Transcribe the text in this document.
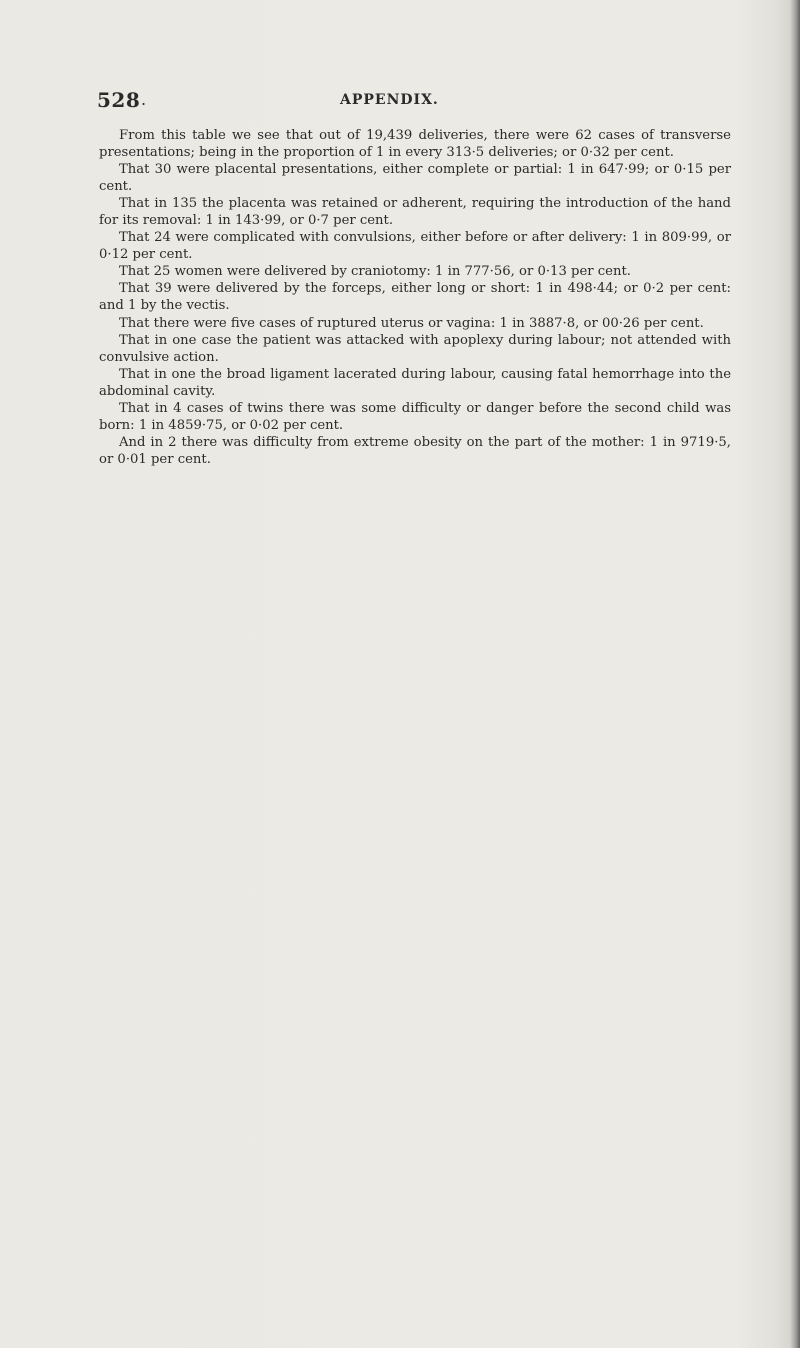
528 .	APPENDIX.

From this table we see that out of 19,439 deliveries, there were 62 cases of transverse presentations; being in the proportion of 1 in every 313·5 deliveries; or 0·32 per cent.

That 30 were placental presentations, either complete or partial: 1 in 647·99; or 0·15 per cent.

That in 135 the placenta was retained or adherent, requiring the introduction of the hand for its removal: 1 in 143·99, or 0·7 per cent.

That 24 were complicated with convulsions, either before or after delivery: 1 in 809·99, or 0·12 per cent.

That 25 women were delivered by craniotomy: 1 in 777·56, or 0·13 per cent.

That 39 were delivered by the forceps, either long or short: 1 in 498·44; or 0·2 per cent: and 1 by the vectis.

That there were five cases of ruptured uterus or vagina: 1 in 3887·8, or 00·26 per cent.

That in one case the patient was attacked with apoplexy during labour; not attended with convulsive action.

That in one the broad ligament lacerated during labour, causing fatal hemorrhage into the abdominal cavity.

That in 4 cases of twins there was some difficulty or danger before the second child was born: 1 in 4859·75, or 0·02 per cent.

And in 2 there was difficulty from extreme obesity on the part of the mother: 1 in 9719·5, or 0·01 per cent.
